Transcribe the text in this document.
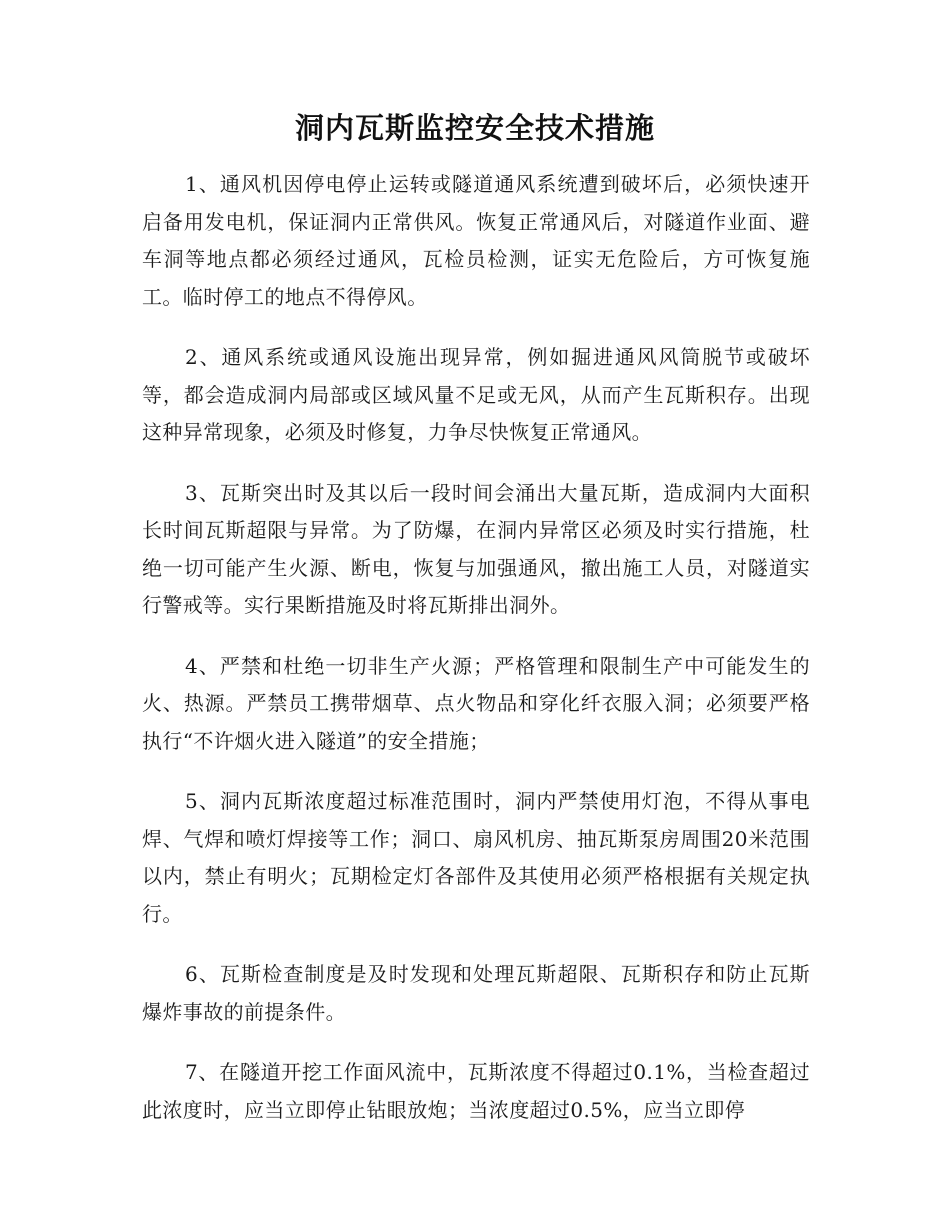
洞内瓦斯监控安全技术措施

1、通风机因停电停止运转或隧道通风系统遭到破坏后，必须快速开启备用发电机，保证洞内正常供风。恢复正常通风后，对隧道作业面、避车洞等地点都必须经过通风，瓦检员检测，证实无危险后，方可恢复施工。临时停工的地点不得停风。

2、通风系统或通风设施出现异常，例如掘进通风风筒脱节或破坏等，都会造成洞内局部或区域风量不足或无风，从而产生瓦斯积存。出现这种异常现象，必须及时修复，力争尽快恢复正常通风。

3、瓦斯突出时及其以后一段时间会涌出大量瓦斯，造成洞内大面积长时间瓦斯超限与异常。为了防爆，在洞内异常区必须及时实行措施，杜绝一切可能产生火源、断电，恢复与加强通风，撤出施工人员，对隧道实行警戒等。实行果断措施及时将瓦斯排出洞外。

4、严禁和杜绝一切非生产火源；严格管理和限制生产中可能发生的火、热源。严禁员工携带烟草、点火物品和穿化纤衣服入洞；必须要严格执行“不许烟火进入隧道”的安全措施；

5、洞内瓦斯浓度超过标准范围时，洞内严禁使用灯泡，不得从事电焊、气焊和喷灯焊接等工作；洞口、扇风机房、抽瓦斯泵房周围20米范围以内，禁止有明火；瓦期检定灯各部件及其使用必须严格根据有关规定执行。

6、瓦斯检查制度是及时发现和处理瓦斯超限、瓦斯积存和防止瓦斯爆炸事故的前提条件。

7、在隧道开挖工作面风流中，瓦斯浓度不得超过0.1%，当检查超过此浓度时，应当立即停止钻眼放炮；当浓度超过0.5%，应当立即停
